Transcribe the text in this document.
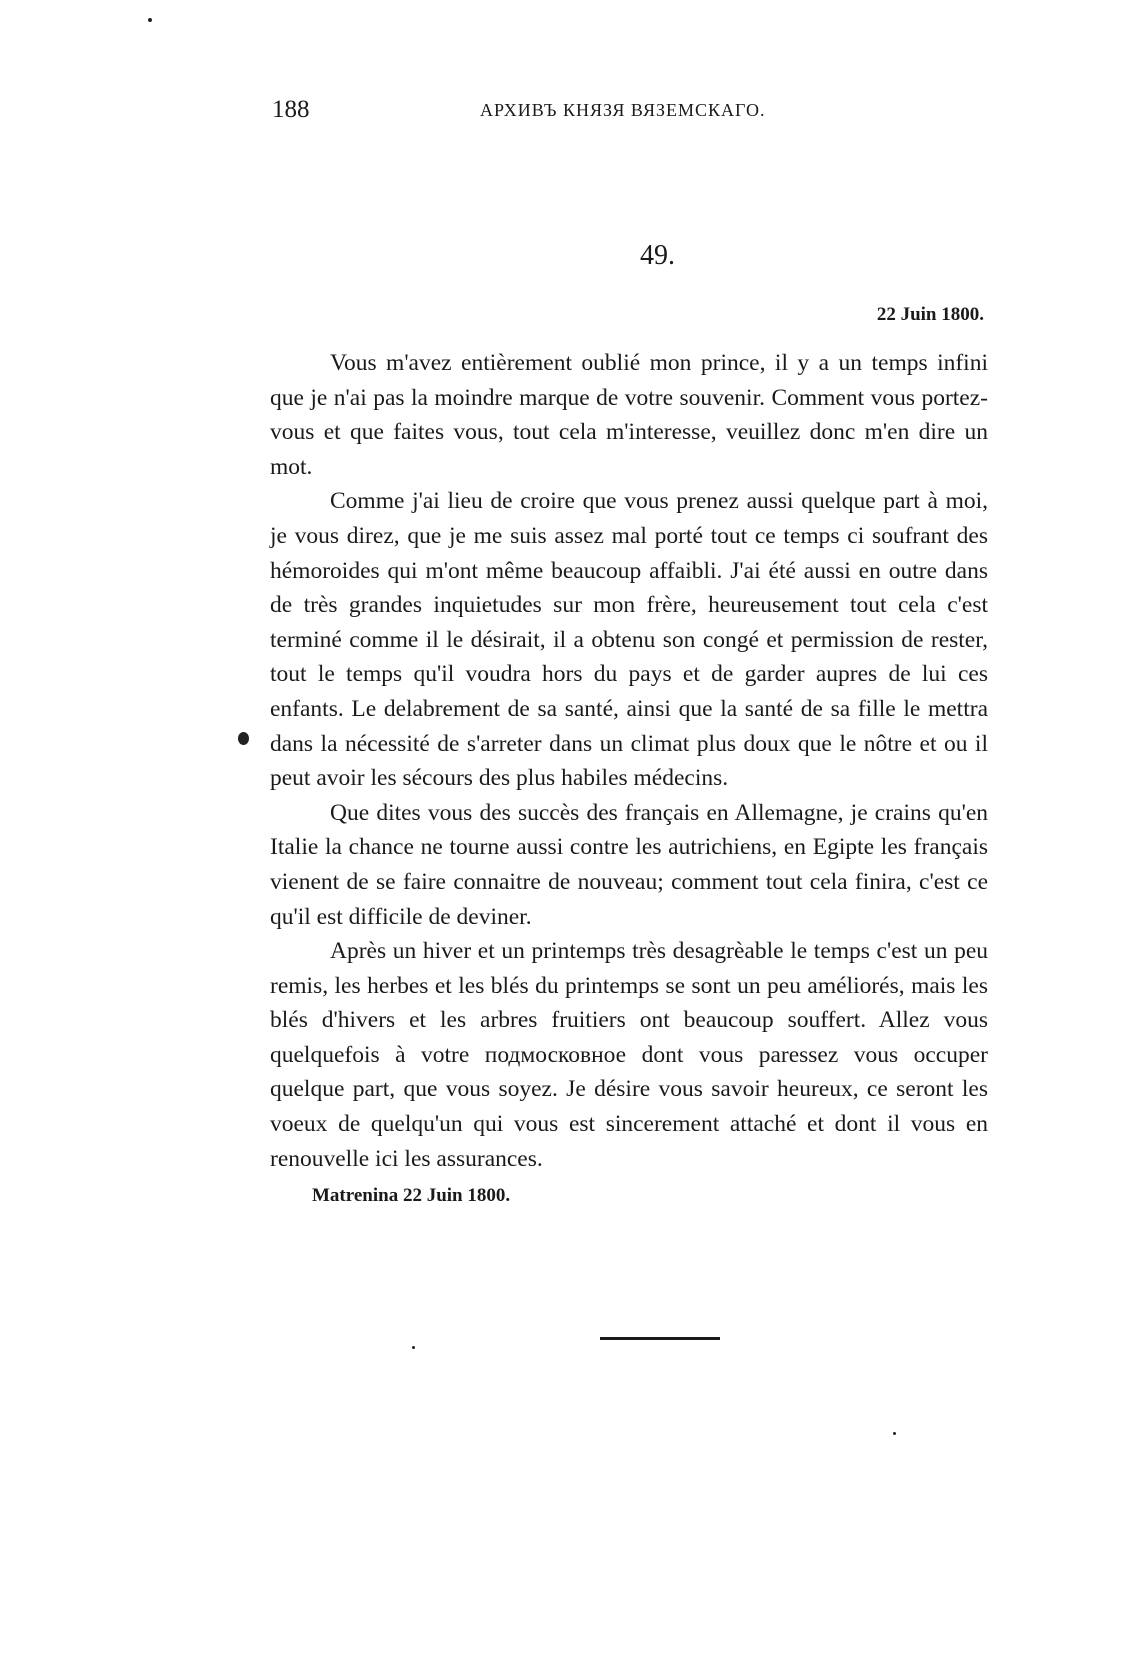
188	АРХИВЪ КНЯЗЯ ВЯЗЕМСКАГО.
49.
22 Juin 1800.

Vous m'avez entièrement oublié mon prince, il y a un temps infini que je n'ai pas la moindre marque de votre souvenir. Comment vous portez-vous et que faites vous, tout cela m'interesse, veuillez donc m'en dire un mot.

Comme j'ai lieu de croire que vous prenez aussi quelque part à moi, je vous direz, que je me suis assez mal porté tout ce temps ci soufrant des hémoroides qui m'ont même beaucoup affaibli. J'ai été aussi en outre dans de très grandes inquietudes sur mon frère, heureusement tout cela c'est terminé comme il le désirait, il a obtenu son congé et permission de rester, tout le temps qu'il voudra hors du pays et de garder aupres de lui ces enfants. Le delabrement de sa santé, ainsi que la santé de sa fille le mettra dans la nécessité de s'arreter dans un climat plus doux que le nôtre et ou il peut avoir les sécours des plus habiles médecins.

Que dites vous des succès des français en Allemagne, je crains qu'en Italie la chance ne tourne aussi contre les autrichiens, en Egipte les français vienent de se faire connaitre de nouveau; comment tout cela finira, c'est ce qu'il est difficile de deviner.

Après un hiver et un printemps très desagrèable le temps c'est un peu remis, les herbes et les blés du printemps se sont un peu améliorés, mais les blés d'hivers et les arbres fruitiers ont beaucoup souffert. Allez vous quelquefois à votre подмосковное dont vous paressez vous occuper quelque part, que vous soyez. Je désire vous savoir heureux, ce seront les voeux de quelqu'un qui vous est sincerement attaché et dont il vous en renouvelle ici les assurances.

Matrenina 22 Juin 1800.
